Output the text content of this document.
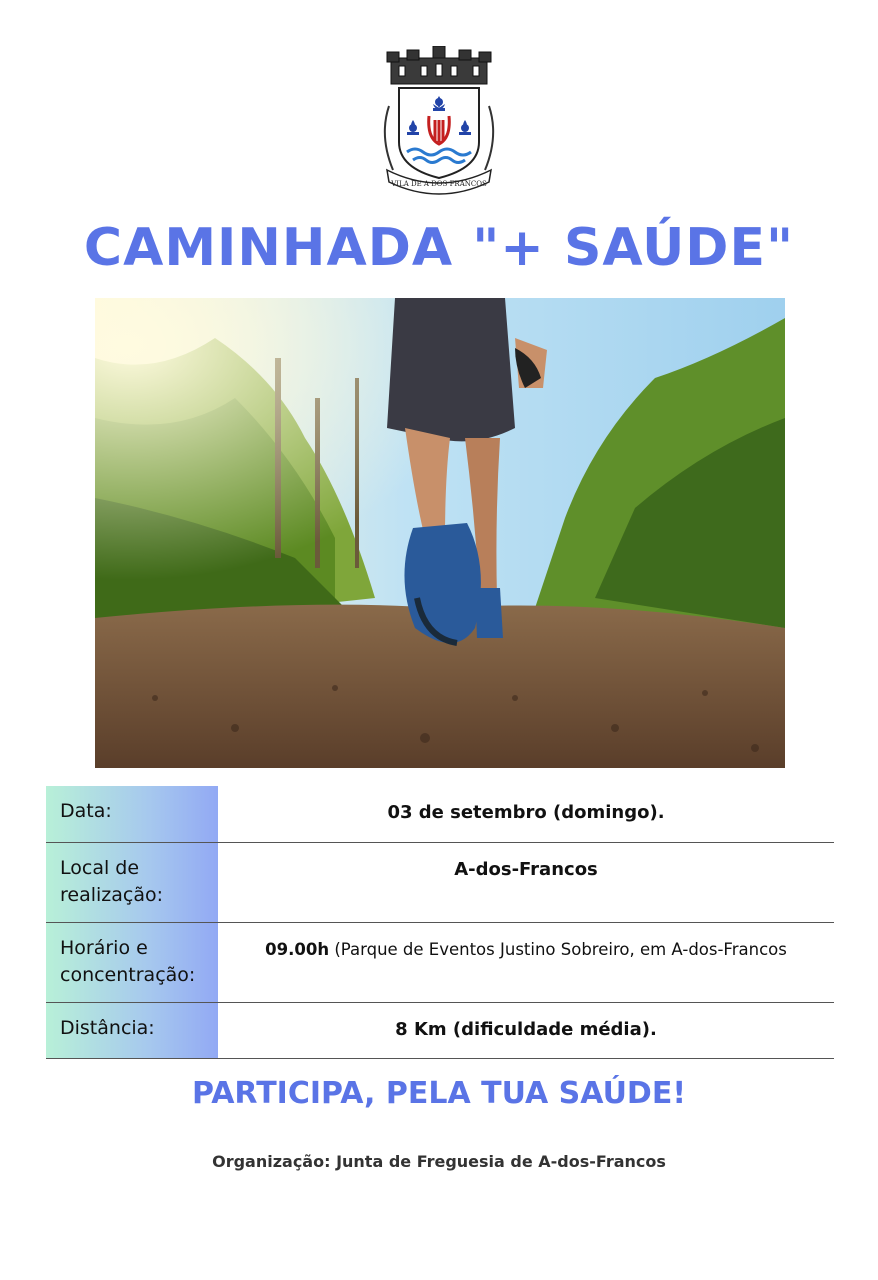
VILA DE A DOS FRANCOS
CAMINHADA "+ SAÚDE"
Data:	03 de setembro (domingo).
Local de realização:	A-dos-Francos
Horário e concentração:	09.00h (Parque de Eventos Justino Sobreiro, em A-dos-Francos
Distância:	8 Km (dificuldade média).
PARTICIPA, PELA TUA SAÚDE!
Organização: Junta de Freguesia de A-dos-Francos
